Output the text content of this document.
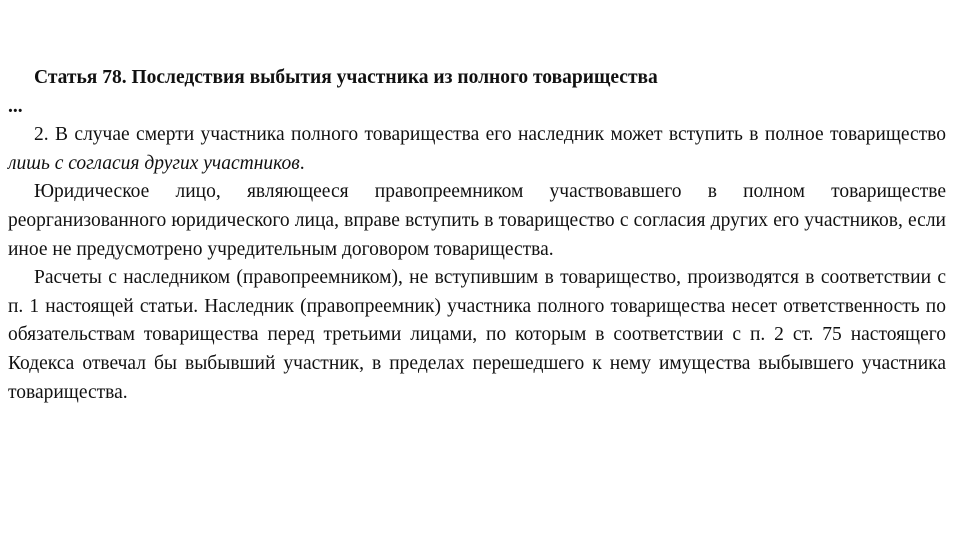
Статья 78. Последствия выбытия участника из полного товарищества

...

2. В случае смерти участника полного товарищества его наследник может вступить в полное товарищество лишь с согласия других участников.

Юридическое лицо, являющееся правопреемником участвовавшего в полном товариществе реорганизованного юридического лица, вправе вступить в товарищество с согласия других его участников, если иное не предусмотрено учредительным договором товарищества.

Расчеты с наследником (правопреемником), не вступившим в товарищество, производятся в соответствии с п. 1 настоящей статьи. Наследник (правопреемник) участника полного товарищества несет ответственность по обязательствам товарищества перед третьими лицами, по которым в соответствии с п. 2 ст. 75 настоящего Кодекса отвечал бы выбывший участник, в пределах перешедшего к нему имущества выбывшего участника товарищества.
